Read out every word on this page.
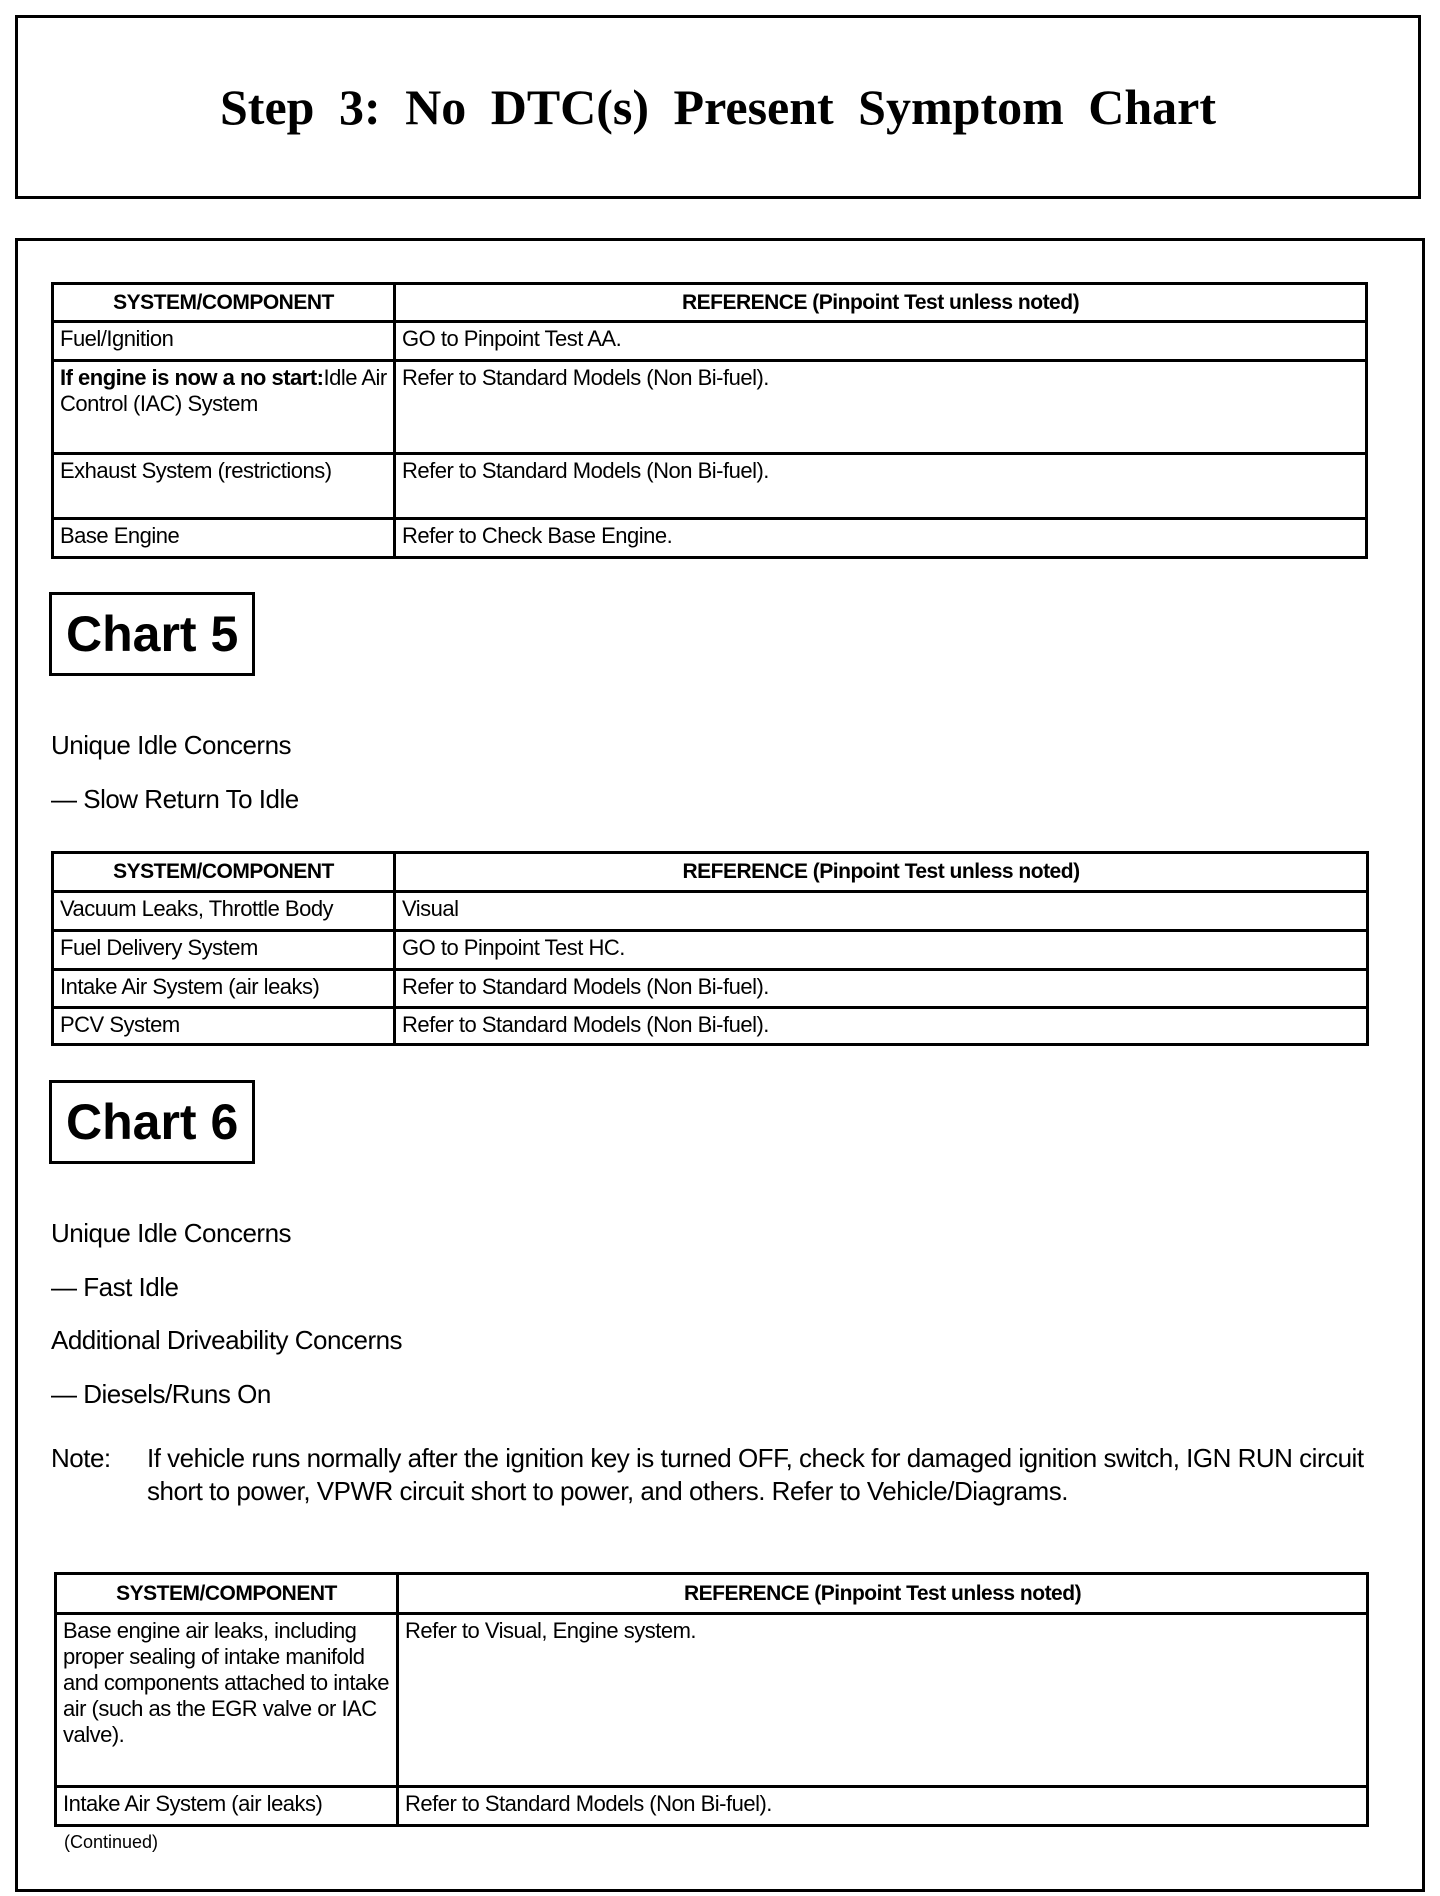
Step 3: No DTC(s) Present Symptom Chart
SYSTEM/COMPONENT	REFERENCE (Pinpoint Test unless noted)
Fuel/Ignition	GO to Pinpoint Test AA.
If engine is now a no start:Idle Air Control (IAC) System	Refer to Standard Models (Non Bi-fuel).
Exhaust System (restrictions)	Refer to Standard Models (Non Bi-fuel).
Base Engine	Refer to Check Base Engine.
Chart 5
Unique Idle Concerns
— Slow Return To Idle
SYSTEM/COMPONENT	REFERENCE (Pinpoint Test unless noted)
Vacuum Leaks, Throttle Body	Visual
Fuel Delivery System	GO to Pinpoint Test HC.
Intake Air System (air leaks)	Refer to Standard Models (Non Bi-fuel).
PCV System	Refer to Standard Models (Non Bi-fuel).
Chart 6
Unique Idle Concerns
— Fast Idle
Additional Driveability Concerns
— Diesels/Runs On
Note:	If vehicle runs normally after the ignition key is turned OFF, check for damaged ignition switch, IGN RUN circuit short to power, VPWR circuit short to power, and others. Refer to Vehicle/Diagrams.
SYSTEM/COMPONENT	REFERENCE (Pinpoint Test unless noted)
Base engine air leaks, including proper sealing of intake manifold and components attached to intake air (such as the EGR valve or IAC valve).	Refer to Visual, Engine system.
Intake Air System (air leaks)	Refer to Standard Models (Non Bi-fuel).
(Continued)
